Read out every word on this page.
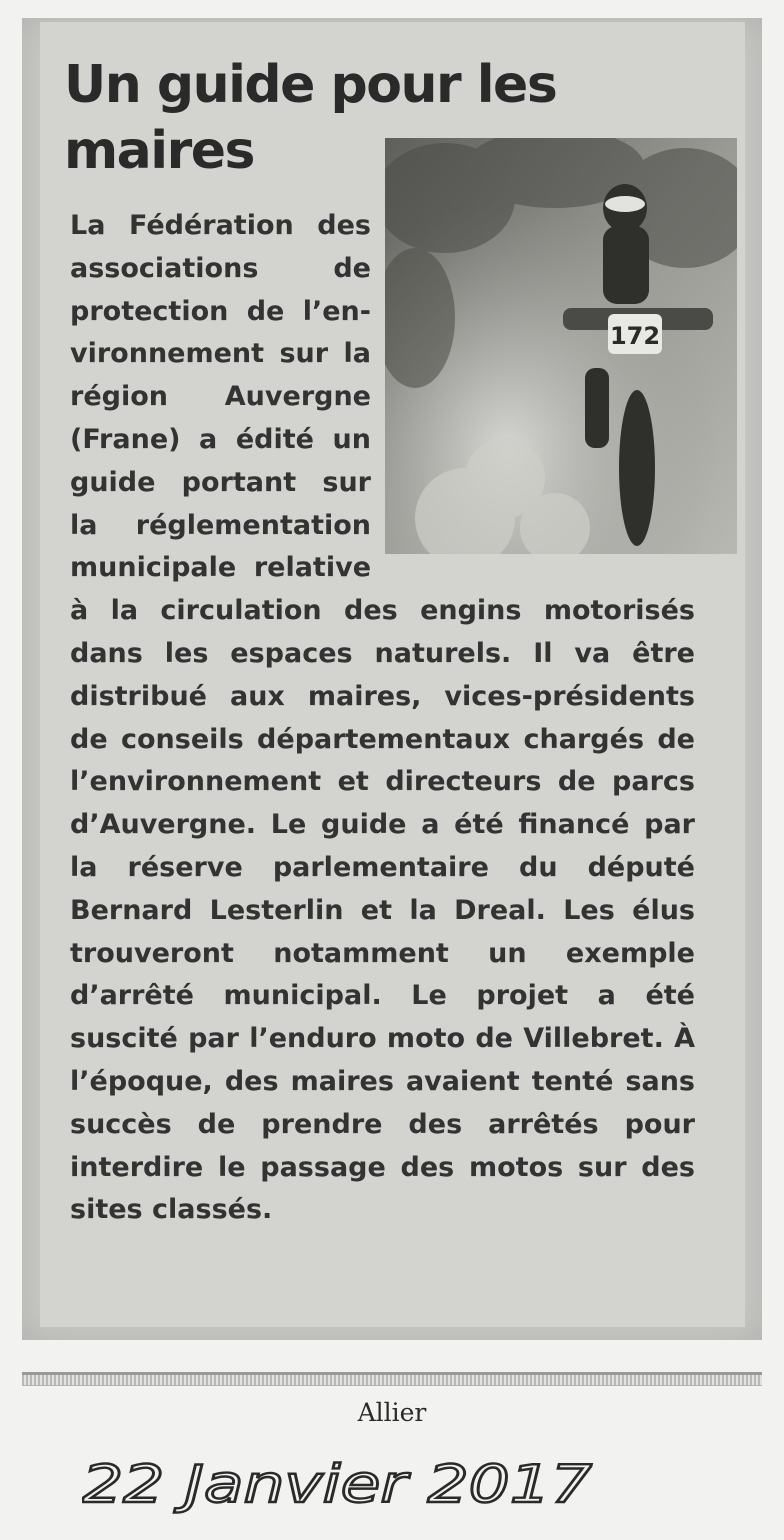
Un guide pour les maires
172
La Fédération des associations de protection de l’environnement sur la région Auvergne (Frane) a édité un guide portant sur la réglementation municipale relative à la circulation des engins motorisés dans les espaces naturels. Il va être distribué aux maires, vices-présidents de conseils départementaux chargés de l’environnement et directeurs de parcs d’Auvergne. Le guide a été financé par la réserve parlementaire du député Bernard Lesterlin et la Dreal. Les élus trouveront notamment un exemple d’arrêté municipal. Le projet a été suscité par l’enduro moto de Villebret. À l’époque, des maires avaient tenté sans succès de prendre des arrêtés pour interdire le passage des motos sur des sites classés.
Allier
22 Janvier 2017
